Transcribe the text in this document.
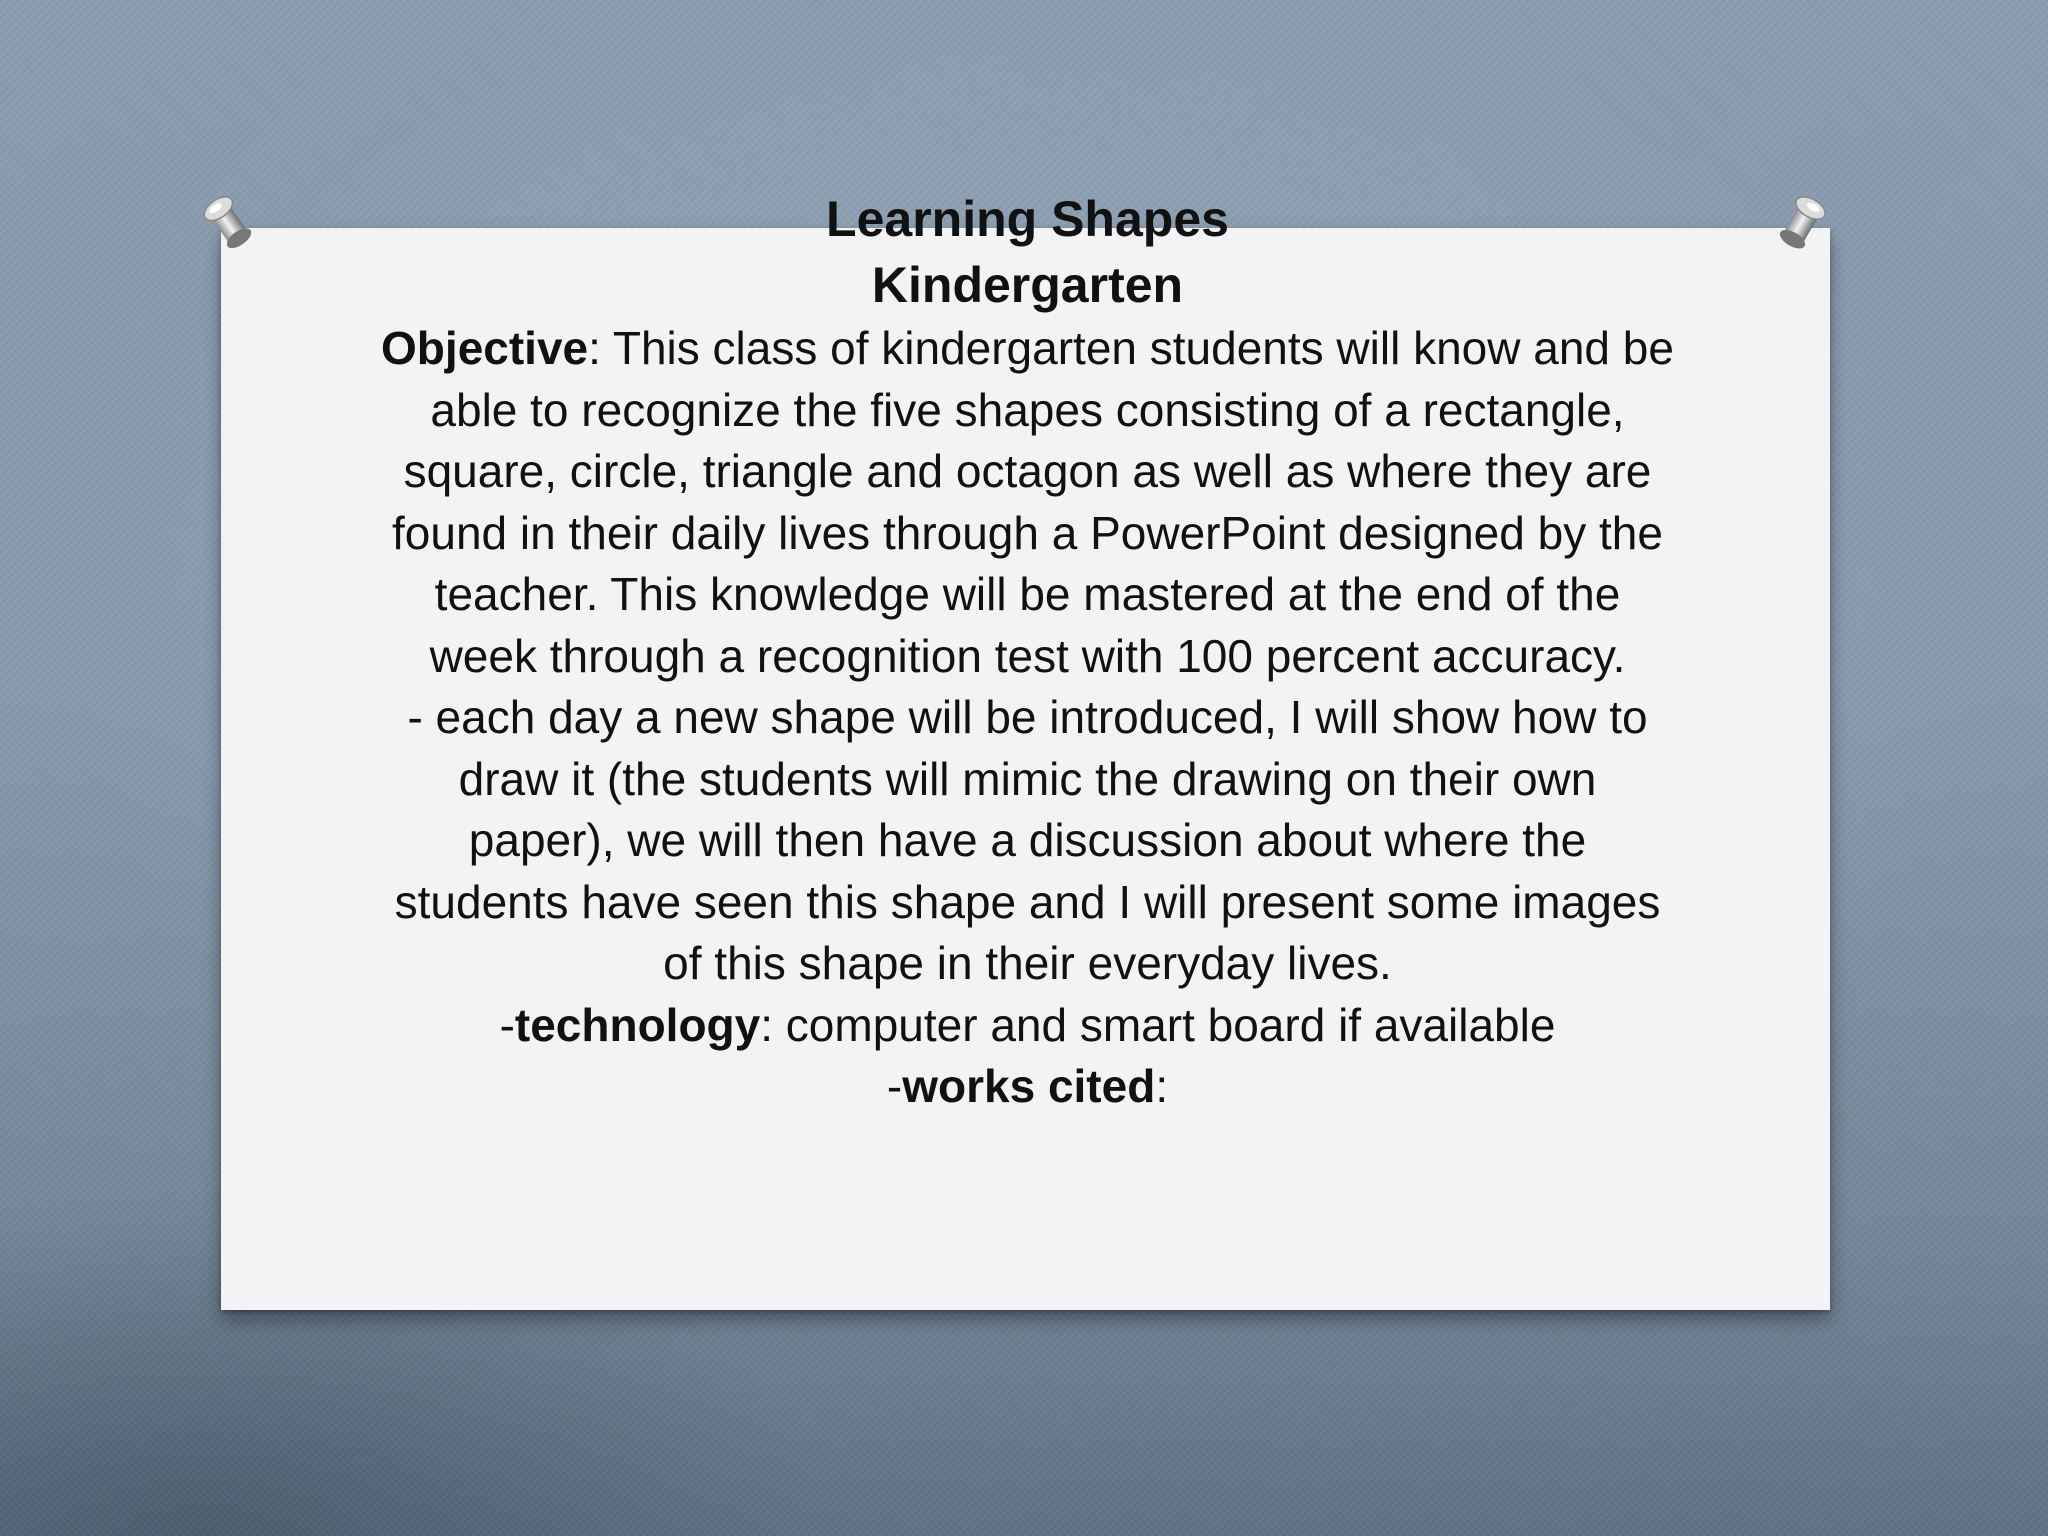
Learning Shapes
Kindergarten
Objective: This class of kindergarten students will know and be able to recognize the five shapes consisting of a rectangle, square, circle, triangle and octagon as well as where they are found in their daily lives through a PowerPoint designed by the teacher. This knowledge will be mastered at the end of the week through a recognition test with 100 percent accuracy.
- each day a new shape will be introduced, I will show how to draw it (the students will mimic the drawing on their own paper), we will then have a discussion about where the students have seen this shape and I will present some images of this shape in their everyday lives.
-technology: computer and smart board if available
-works cited:
